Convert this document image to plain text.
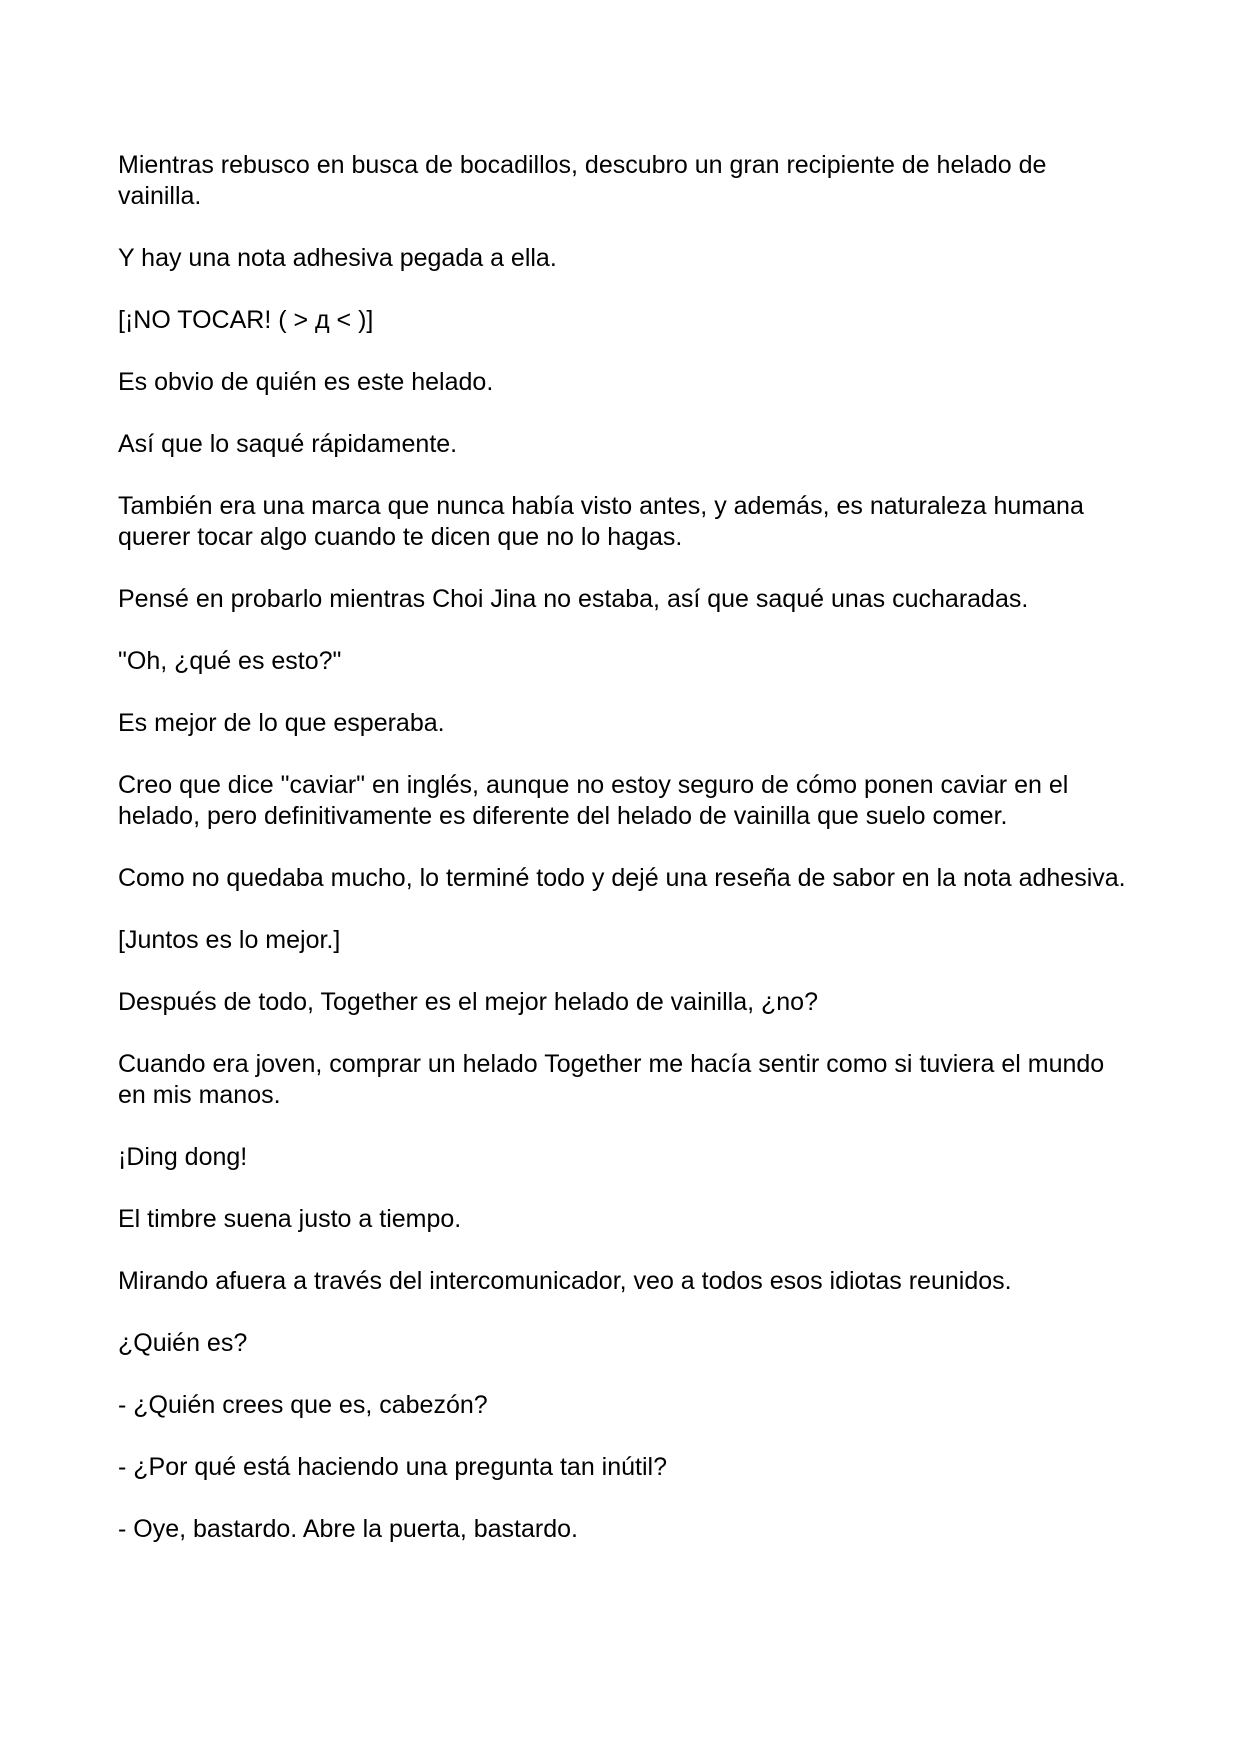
Mientras rebusco en busca de bocadillos, descubro un gran recipiente de helado de vainilla.

Y hay una nota adhesiva pegada a ella.

[¡NO TOCAR! ( > д < )]

Es obvio de quién es este helado.

Así que lo saqué rápidamente.

También era una marca que nunca había visto antes, y además, es naturaleza humana querer tocar algo cuando te dicen que no lo hagas.

Pensé en probarlo mientras Choi Jina no estaba, así que saqué unas cucharadas.

"Oh, ¿qué es esto?"

Es mejor de lo que esperaba.

Creo que dice "caviar" en inglés, aunque no estoy seguro de cómo ponen caviar en el helado, pero definitivamente es diferente del helado de vainilla que suelo comer.

Como no quedaba mucho, lo terminé todo y dejé una reseña de sabor en la nota adhesiva.

[Juntos es lo mejor.]

Después de todo, Together es el mejor helado de vainilla, ¿no?

Cuando era joven, comprar un helado Together me hacía sentir como si tuviera el mundo en mis manos.

¡Ding dong!

El timbre suena justo a tiempo.

Mirando afuera a través del intercomunicador, veo a todos esos idiotas reunidos.

¿Quién es?

- ¿Quién crees que es, cabezón?

- ¿Por qué está haciendo una pregunta tan inútil?

- Oye, bastardo. Abre la puerta, bastardo.
